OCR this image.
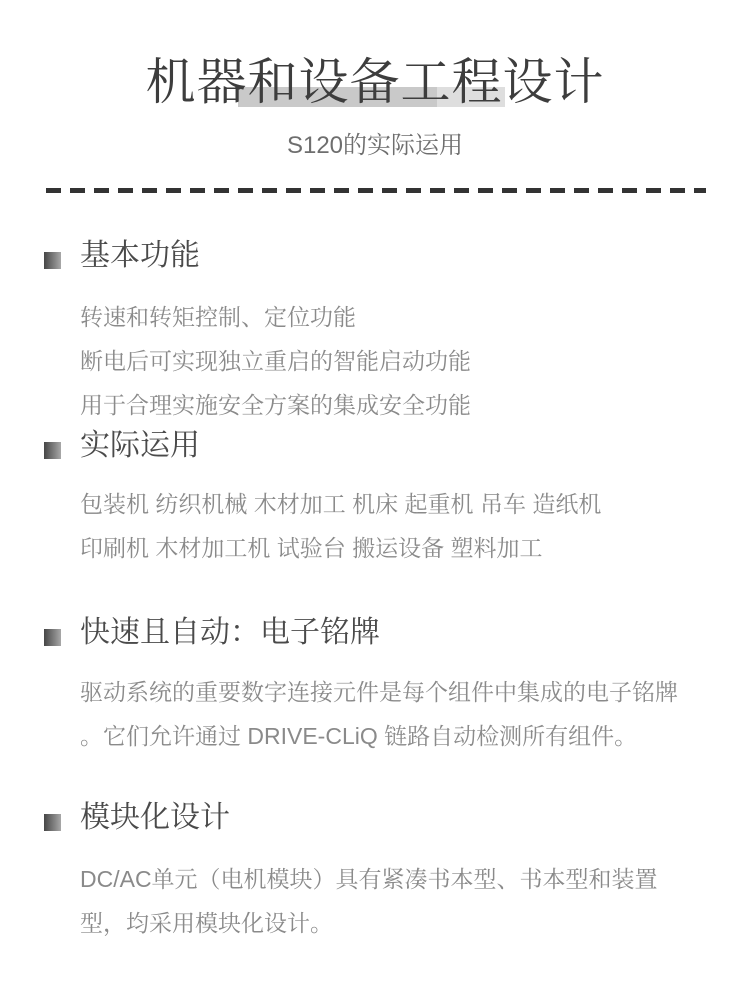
机器和设备工程设计
S120的实际运用
基本功能
转速和转矩控制、定位功能
断电后可实现独立重启的智能启动功能
用于合理实施安全方案的集成安全功能
实际运用
包装机 纺织机械 木材加工 机床 起重机 吊车 造纸机
印刷机 木材加工机 试验台 搬运设备 塑料加工
快速且自动：电子铭牌
驱动系统的重要数字连接元件是每个组件中集成的电子铭牌
。它们允许通过 DRIVE-CLiQ 链路自动检测所有组件。
模块化设计
DC/AC单元（电机模块）具有紧凑书本型、书本型和装置
型，均采用模块化设计。
